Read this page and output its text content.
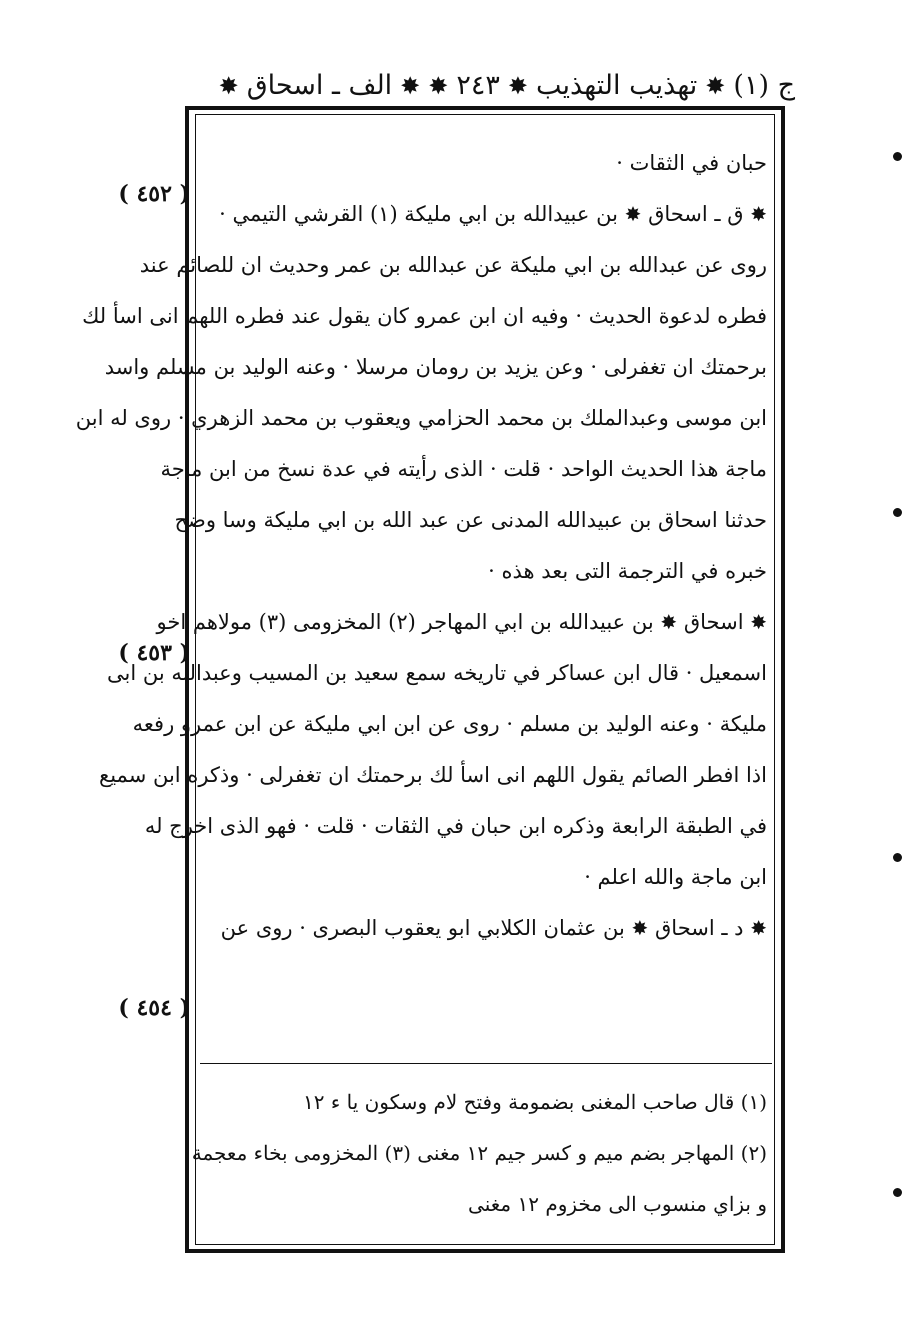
ج (١)
✸
تهذيب التهذيب
✸
٢٤٣
✸
✸
الف ـ اسحاق
✸
( ٤٥٢ )
( ٤٥٣ )
( ٤٥٤ )
حبان في الثقات ·
✸ ق ـ اسحاق ✸ بن عبيدالله بن ابي مليكة (١) القرشي التيمي ·
روى عن عبدالله بن ابي مليكة عن عبدالله بن عمر وحديث ان للصائم عند
فطره لدعوة الحديث · وفيه ان ابن عمرو كان يقول عند فطره اللهم انى اسأ لك
برحمتك ان تغفرلى · وعن يزيد بن رومان مرسلا · وعنه الوليد بن مسلم واسد
ابن موسى وعبدالملك بن محمد الحزامي ويعقوب بن محمد الزهري · روى له ابن
ماجة هذا الحديث الواحد · قلت · الذى رأيته في عدة نسخ من ابن ماجة
حدثنا اسحاق بن عبيدالله المدنى عن عبد الله بن ابي مليكة وسا وضح
خبره في الترجمة التى بعد هذه ·
✸ اسحاق ✸ بن عبيدالله بن ابي المهاجر (٢) المخزومى (٣) مولاهم اخو
اسمعيل · قال ابن عساكر في تاريخه سمع سعيد بن المسيب وعبدالله بن ابى
مليكة · وعنه الوليد بن مسلم · روى عن ابن ابي مليكة عن ابن عمرو رفعه
اذا افطر الصائم يقول اللهم انى اسأ لك برحمتك ان تغفرلى · وذكره ابن سميع
في الطبقة الرابعة وذكره ابن حبان في الثقات · قلت · فهو الذى اخرج له
ابن ماجة والله اعلم ·
✸ د ـ اسحاق ✸ بن عثمان الكلابي ابو يعقوب البصرى · روى عن
(١) قال صاحب المغنى بضمومة وفتح لام وسكون يا ء ١٢
(٢) المهاجر بضم ميم و كسر جيم ١٢ مغنى (٣) المخزومى بخاء معجمة
و بزاي منسوب الى مخزوم ١٢ مغنى
